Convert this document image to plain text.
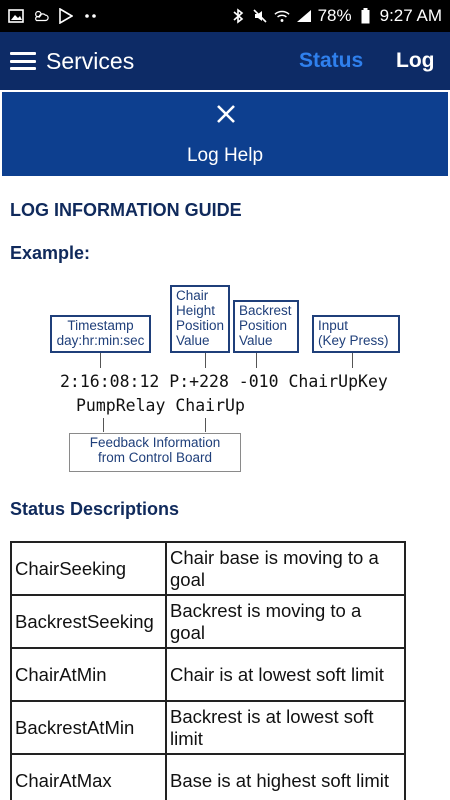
78% 9:27 AM
Services	Status Log
Log Help
LOG INFORMATION GUIDE
Example:
Timestamp
day:hr:min:sec
Chair
Height
Position
Value
Backrest
Position
Value
Input
(Key Press)
2:16:08:12 P:+228 -010 ChairUpKey
PumpRelay ChairUp
Feedback Information
from Control Board
Status Descriptions
ChairSeeking	Chair base is moving to a goal
BackrestSeeking	Backrest is moving to a goal
ChairAtMin	Chair is at lowest soft limit
BackrestAtMin	Backrest is at lowest soft limit
ChairAtMax	Base is at highest soft limit
